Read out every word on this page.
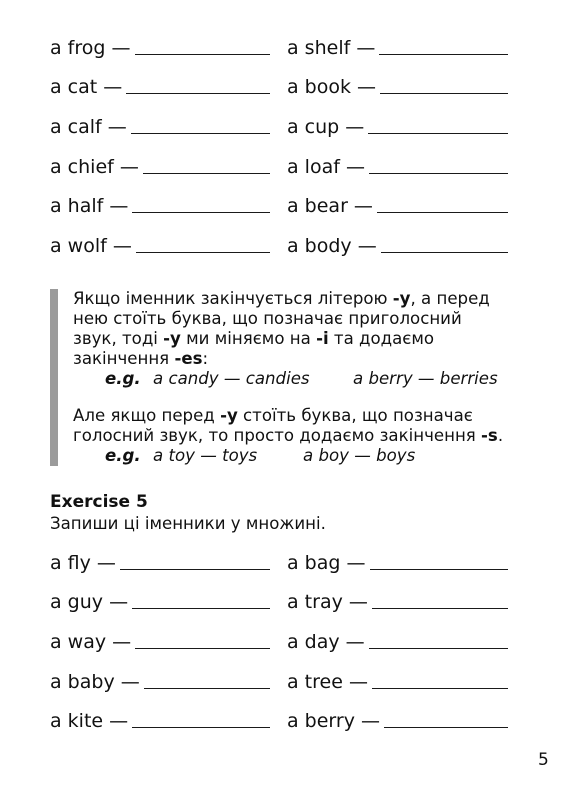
a frog —	a shelf —
a cat —	a book —
a calf —	a cup —
a chief —	a loaf —
a half —	a bear —
a wolf —	a body —

Якщо іменник закінчується літерою -y, а перед нею стоїть буква, що позначає приголосний звук, тоді -y ми міняємо на -i та додаємо закінчення -es:

e.g. a candy — candies	a berry — berries

Але якщо перед -y стоїть буква, що позначає голосний звук, то просто додаємо закінчення -s.

e.g. a toy — toys	a boy — boys
Exercise 5
Запиши ці іменники у множині.
a fly —	a bag —
a guy —	a tray —
a way —	a day —
a baby —	a tree —
a kite —	a berry —
5
